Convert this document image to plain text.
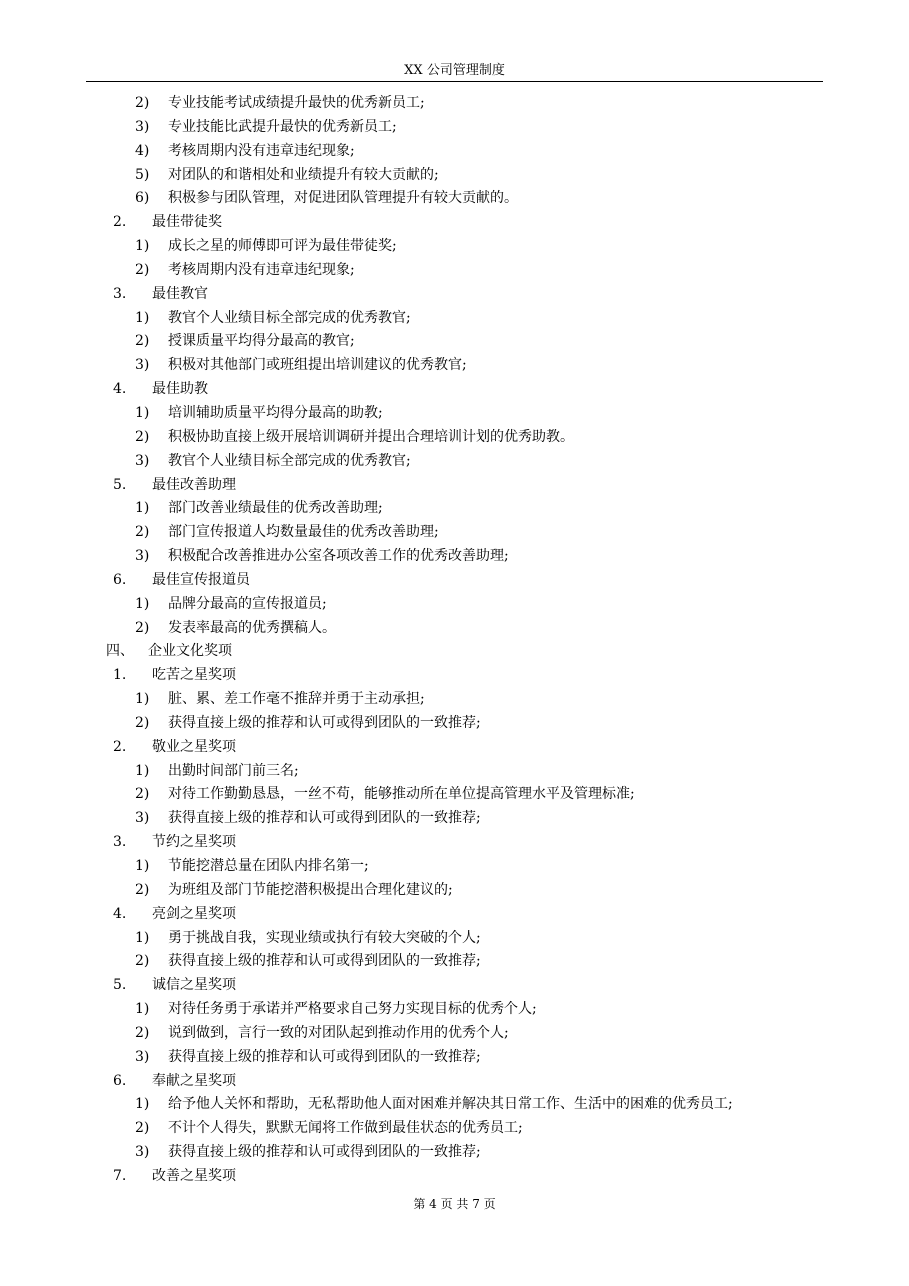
XX 公司管理制度
2) 专业技能考试成绩提升最快的优秀新员工;
3) 专业技能比武提升最快的优秀新员工;
4) 考核周期内没有违章违纪现象;
5) 对团队的和谐相处和业绩提升有较大贡献的;
6) 积极参与团队管理，对促进团队管理提升有较大贡献的。
2. 最佳带徒奖
1) 成长之星的师傅即可评为最佳带徒奖;
2) 考核周期内没有违章违纪现象;
3. 最佳教官
1) 教官个人业绩目标全部完成的优秀教官;
2) 授课质量平均得分最高的教官;
3) 积极对其他部门或班组提出培训建议的优秀教官;
4. 最佳助教
1) 培训辅助质量平均得分最高的助教;
2) 积极协助直接上级开展培训调研并提出合理培训计划的优秀助教。
3) 教官个人业绩目标全部完成的优秀教官;
5. 最佳改善助理
1) 部门改善业绩最佳的优秀改善助理;
2) 部门宣传报道人均数量最佳的优秀改善助理;
3) 积极配合改善推进办公室各项改善工作的优秀改善助理;
6. 最佳宣传报道员
1) 品牌分最高的宣传报道员;
2) 发表率最高的优秀撰稿人。
四、 企业文化奖项
1. 吃苦之星奖项
1) 脏、累、差工作毫不推辞并勇于主动承担;
2) 获得直接上级的推荐和认可或得到团队的一致推荐;
2. 敬业之星奖项
1) 出勤时间部门前三名;
2) 对待工作勤勤恳恳，一丝不苟，能够推动所在单位提高管理水平及管理标准;
3) 获得直接上级的推荐和认可或得到团队的一致推荐;
3. 节约之星奖项
1) 节能挖潜总量在团队内排名第一;
2) 为班组及部门节能挖潜积极提出合理化建议的;
4. 亮剑之星奖项
1) 勇于挑战自我，实现业绩或执行有较大突破的个人;
2) 获得直接上级的推荐和认可或得到团队的一致推荐;
5. 诚信之星奖项
1) 对待任务勇于承诺并严格要求自己努力实现目标的优秀个人;
2) 说到做到，言行一致的对团队起到推动作用的优秀个人;
3) 获得直接上级的推荐和认可或得到团队的一致推荐;
6. 奉献之星奖项
1) 给予他人关怀和帮助，无私帮助他人面对困难并解决其日常工作、生活中的困难的优秀员工;
2) 不计个人得失，默默无闻将工作做到最佳状态的优秀员工;
3) 获得直接上级的推荐和认可或得到团队的一致推荐;
7. 改善之星奖项
第 4 页 共 7 页
